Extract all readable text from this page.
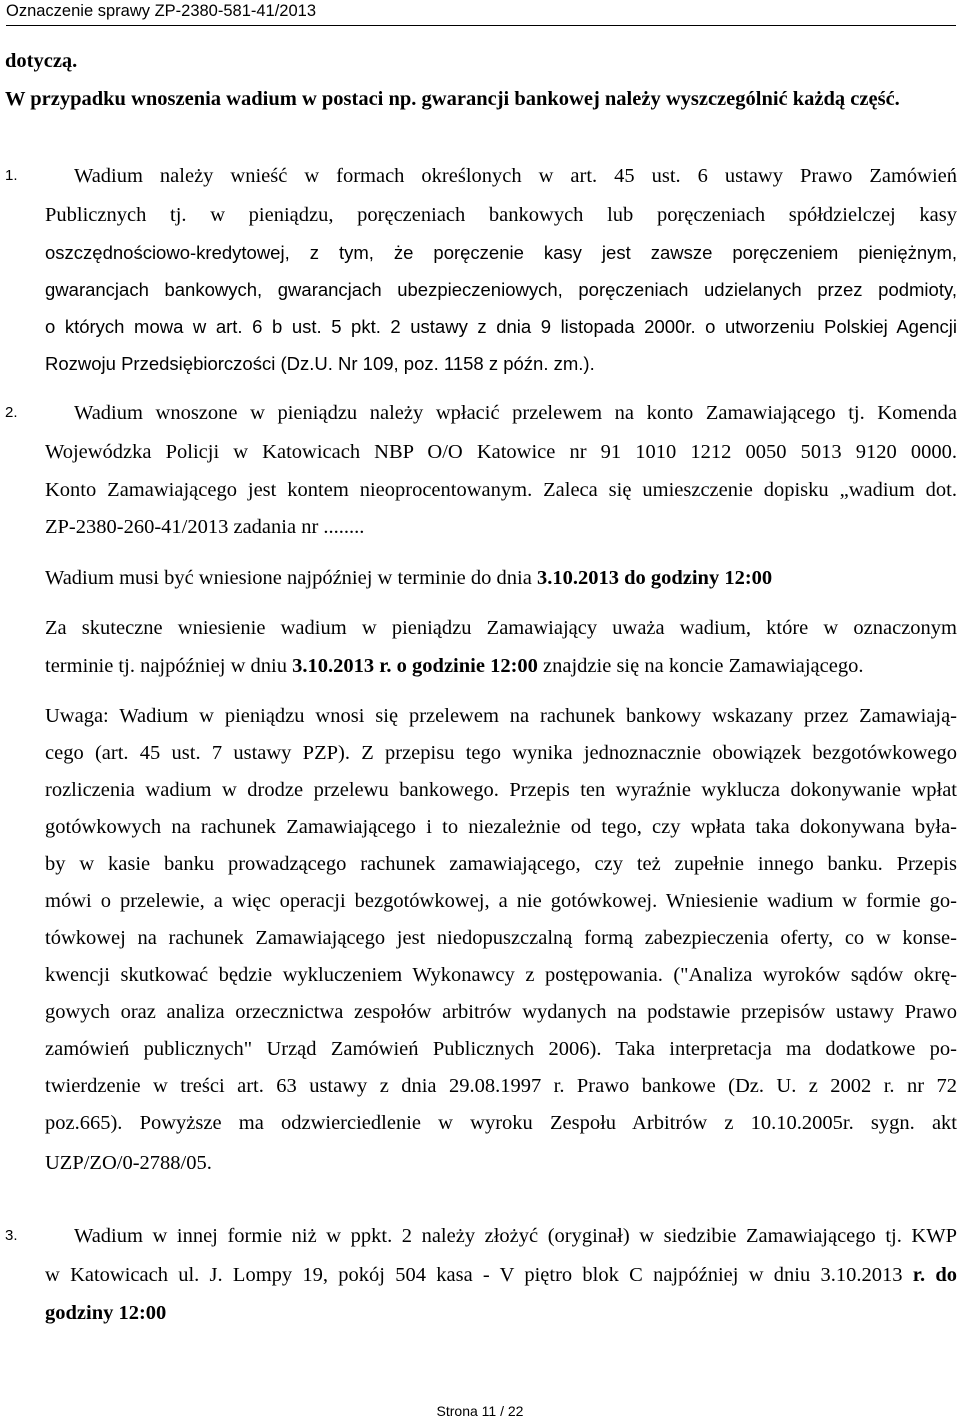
Oznaczenie sprawy ZP-2380-581-41/2013

dotyczą.

W przypadku wnoszenia wadium w postaci np. gwarancji bankowej należy wyszczególnić każdą część.

1.	Wadium należy wnieść w formach określonych w art. 45 ust. 6 ustawy Prawo Zamówień

Publicznych tj. w pieniądzu, poręczeniach bankowych lub poręczeniach spółdzielczej kasy

oszczędnościowo-kredytowej, z tym, że poręczenie kasy jest zawsze poręczeniem pieniężnym,

gwarancjach bankowych, gwarancjach ubezpieczeniowych, poręczeniach udzielanych przez podmioty,

o których mowa w art. 6 b ust. 5 pkt. 2 ustawy z dnia 9 listopada 2000r. o utworzeniu Polskiej Agencji

Rozwoju Przedsiębiorczości (Dz.U. Nr 109, poz. 1158 z późn. zm.).

2.	Wadium wnoszone w pieniądzu należy wpłacić przelewem na konto Zamawiającego tj. Komenda

Wojewódzka Policji w Katowicach NBP O/O Katowice nr 91 1010 1212 0050 5013 9120 0000.

Konto Zamawiającego jest kontem nieoprocentowanym. Zaleca się umieszczenie dopisku „wadium dot.

ZP-2380-260-41/2013 zadania nr ........

Wadium musi być wniesione najpóźniej w terminie do dnia 3.10.2013 do godziny 12:00

Za skuteczne wniesienie wadium w pieniądzu Zamawiający uważa wadium, które w oznaczonym

terminie tj. najpóźniej w dniu 3.10.2013 r. o godzinie 12:00 znajdzie się na koncie Zamawiającego.

Uwaga: Wadium w pieniądzu wnosi się przelewem na rachunek bankowy wskazany przez Zamawiają-

cego (art. 45 ust. 7 ustawy PZP). Z przepisu tego wynika jednoznacznie obowiązek bezgotówkowego

rozliczenia wadium w drodze przelewu bankowego. Przepis ten wyraźnie wyklucza dokonywanie wpłat

gotówkowych na rachunek Zamawiającego i to niezależnie od tego, czy wpłata taka dokonywana była-

by w kasie banku prowadzącego rachunek zamawiającego, czy też zupełnie innego banku. Przepis

mówi o przelewie, a więc operacji bezgotówkowej, a nie gotówkowej. Wniesienie wadium w formie go-

tówkowej na rachunek Zamawiającego jest niedopuszczalną formą zabezpieczenia oferty, co w konse-

kwencji skutkować będzie wykluczeniem Wykonawcy z postępowania. ("Analiza wyroków sądów okrę-

gowych oraz analiza orzecznictwa zespołów arbitrów wydanych na podstawie przepisów ustawy Prawo

zamówień publicznych" Urząd Zamówień Publicznych 2006). Taka interpretacja ma dodatkowe po-

twierdzenie w treści art. 63 ustawy z dnia 29.08.1997 r. Prawo bankowe (Dz. U. z 2002 r. nr 72

poz.665). Powyższe ma odzwierciedlenie w wyroku Zespołu Arbitrów z 10.10.2005r. sygn. akt

UZP/ZO/0-2788/05.

3.	Wadium w innej formie niż w ppkt. 2 należy złożyć (oryginał) w siedzibie Zamawiającego tj. KWP

w Katowicach ul. J. Lompy 19, pokój 504 kasa - V piętro blok C najpóźniej w dniu 3.10.2013 r. do

godziny 12:00

Strona 11 / 22
